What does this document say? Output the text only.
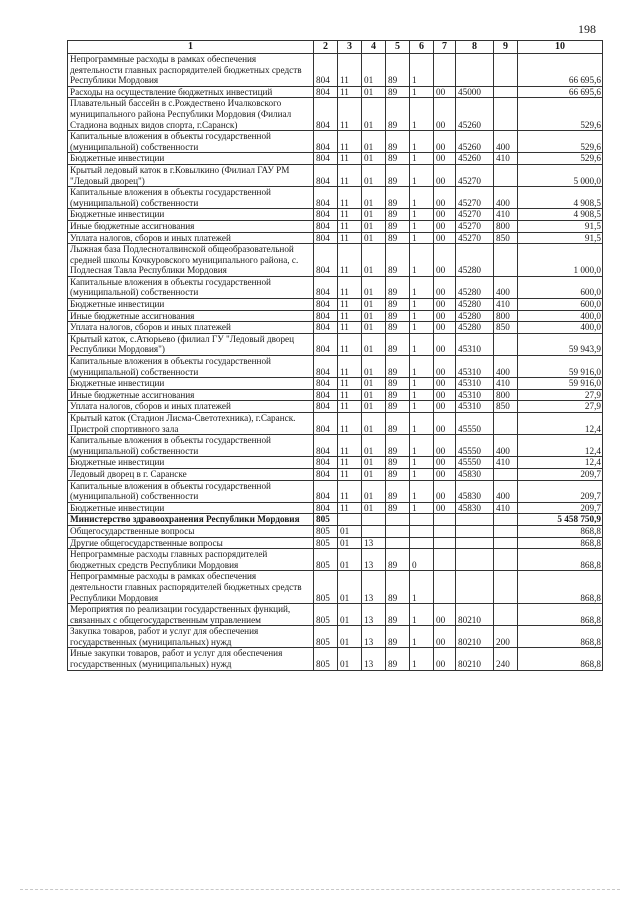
198
1	2	3	4	5	6	7	8	9	10
Непрограммные расходы в рамках обеспечения деятельности главных распорядителей бюджетных средств Республики Мордовия	804	11	01	89	1				66 695,6
Расходы на осуществление бюджетных инвестиций	804	11	01	89	1	00	45000		66 695,6
Плавательный бассейн в с.Рождествено Ичалковского муниципального района Республики Мордовия (Филиал Стадиона водных видов спорта, г.Саранск)	804	11	01	89	1	00	45260		529,6
Капитальные вложения в объекты государственной (муниципальной) собственности	804	11	01	89	1	00	45260	400	529,6
Бюджетные инвестиции	804	11	01	89	1	00	45260	410	529,6
Крытый ледовый каток в г.Ковылкино (Филиал ГАУ РМ "Ледовый дворец")	804	11	01	89	1	00	45270		5 000,0
Капитальные вложения в объекты государственной (муниципальной) собственности	804	11	01	89	1	00	45270	400	4 908,5
Бюджетные инвестиции	804	11	01	89	1	00	45270	410	4 908,5
Иные бюджетные ассигнования	804	11	01	89	1	00	45270	800	91,5
Уплата налогов, сборов и иных платежей	804	11	01	89	1	00	45270	850	91,5
Лыжная база Подлесноталвинской общеобразовательной средней школы Кочкуровского муниципального района, с. Подлесная Тавла Республики Мордовия	804	11	01	89	1	00	45280		1 000,0
Капитальные вложения в объекты государственной (муниципальной) собственности	804	11	01	89	1	00	45280	400	600,0
Бюджетные инвестиции	804	11	01	89	1	00	45280	410	600,0
Иные бюджетные ассигнования	804	11	01	89	1	00	45280	800	400,0
Уплата налогов, сборов и иных платежей	804	11	01	89	1	00	45280	850	400,0
Крытый каток, с.Атюрьево (филиал ГУ "Ледовый дворец Республики Мордовия")	804	11	01	89	1	00	45310		59 943,9
Капитальные вложения в объекты государственной (муниципальной) собственности	804	11	01	89	1	00	45310	400	59 916,0
Бюджетные инвестиции	804	11	01	89	1	00	45310	410	59 916,0
Иные бюджетные ассигнования	804	11	01	89	1	00	45310	800	27,9
Уплата налогов, сборов и иных платежей	804	11	01	89	1	00	45310	850	27,9
Крытый каток (Стадион Лисма-Светотехника), г.Саранск. Пристрой спортивного зала	804	11	01	89	1	00	45550		12,4
Капитальные вложения в объекты государственной (муниципальной) собственности	804	11	01	89	1	00	45550	400	12,4
Бюджетные инвестиции	804	11	01	89	1	00	45550	410	12,4
Ледовый дворец в г. Саранске	804	11	01	89	1	00	45830		209,7
Капитальные вложения в объекты государственной (муниципальной) собственности	804	11	01	89	1	00	45830	400	209,7
Бюджетные инвестиции	804	11	01	89	1	00	45830	410	209,7
Министерство здравоохранения Республики Мордовия	805								5 458 750,9
Общегосударственные вопросы	805	01							868,8
Другие общегосударственные вопросы	805	01	13						868,8
Непрограммные расходы главных распорядителей бюджетных средств Республики Мордовия	805	01	13	89	0				868,8
Непрограммные расходы в рамках обеспечения деятельности главных распорядителей бюджетных средств Республики Мордовия	805	01	13	89	1				868,8
Мероприятия по реализации государственных функций, связанных с общегосударственным управлением	805	01	13	89	1	00	80210		868,8
Закупка товаров, работ и услуг для обеспечения государственных (муниципальных) нужд	805	01	13	89	1	00	80210	200	868,8
Иные закупки товаров, работ и услуг для обеспечения государственных (муниципальных) нужд	805	01	13	89	1	00	80210	240	868,8
